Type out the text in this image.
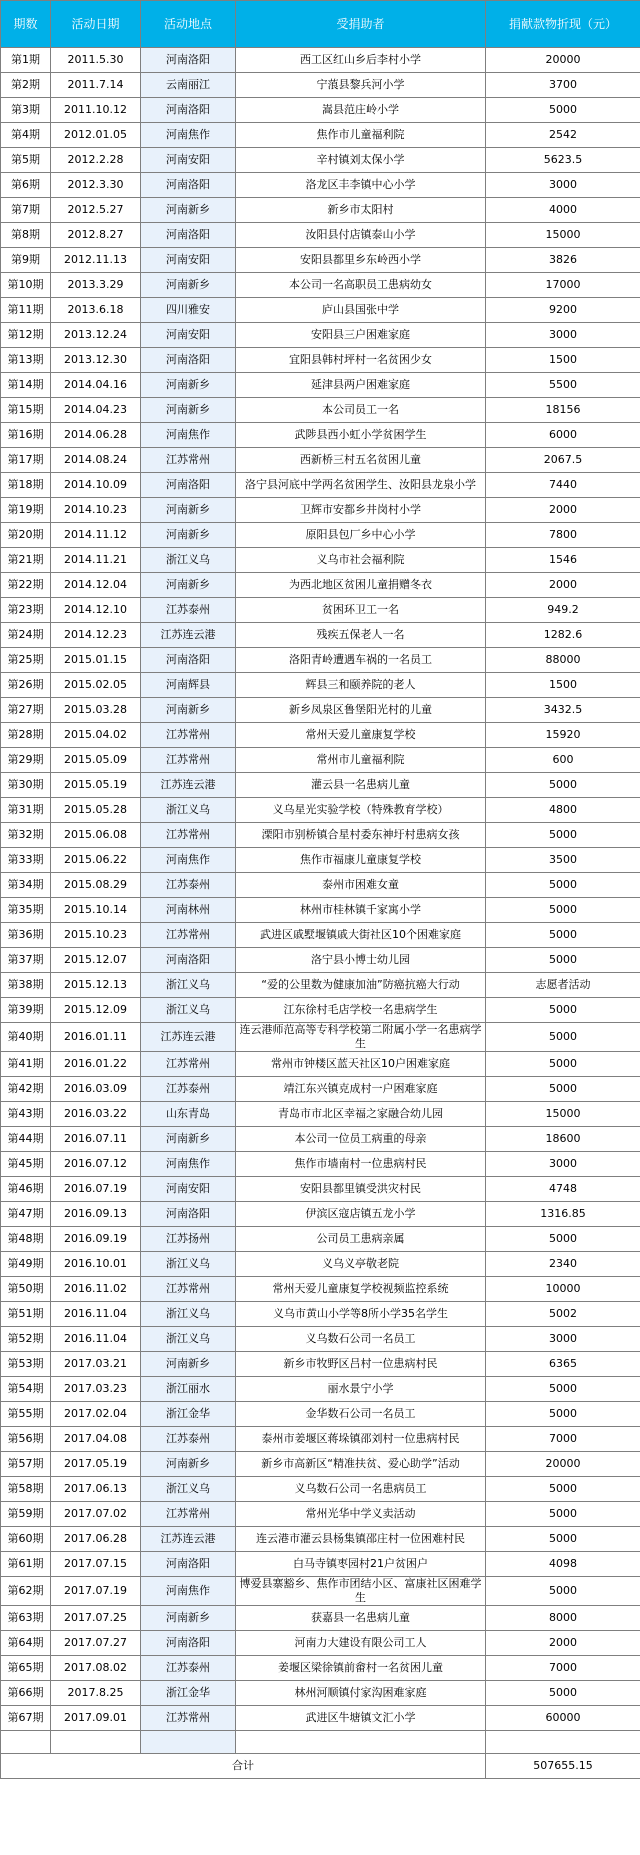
期数	活动日期	活动地点	受捐助者	捐献款物折现（元）
第1期	2011.5.30	河南洛阳	西工区红山乡后李村小学	20000
第2期	2011.7.14	云南丽江	宁蒗县黎兵河小学	3700
第3期	2011.10.12	河南洛阳	嵩县范庄岭小学	5000
第4期	2012.01.05	河南焦作	焦作市儿童福利院	2542
第5期	2012.2.28	河南安阳	辛村镇刘太保小学	5623.5
第6期	2012.3.30	河南洛阳	洛龙区丰李镇中心小学	3000
第7期	2012.5.27	河南新乡	新乡市太阳村	4000
第8期	2012.8.27	河南洛阳	汝阳县付店镇泰山小学	15000
第9期	2012.11.13	河南安阳	安阳县都里乡东岭西小学	3826
第10期	2013.3.29	河南新乡	本公司一名高职员工患病幼女	17000
第11期	2013.6.18	四川雅安	庐山县国张中学	9200
第12期	2013.12.24	河南安阳	安阳县三户困难家庭	3000
第13期	2013.12.30	河南洛阳	宜阳县韩村坪村一名贫困少女	1500
第14期	2014.04.16	河南新乡	延津县两户困难家庭	5500
第15期	2014.04.23	河南新乡	本公司员工一名	18156
第16期	2014.06.28	河南焦作	武陟县西小虹小学贫困学生	6000
第17期	2014.08.24	江苏常州	西新桥三村五名贫困儿童	2067.5
第18期	2014.10.09	河南洛阳	洛宁县河底中学两名贫困学生、汝阳县龙泉小学	7440
第19期	2014.10.23	河南新乡	卫辉市安都乡井岗村小学	2000
第20期	2014.11.12	河南新乡	原阳县包厂乡中心小学	7800
第21期	2014.11.21	浙江义乌	义乌市社会福利院	1546
第22期	2014.12.04	河南新乡	为西北地区贫困儿童捐赠冬衣	2000
第23期	2014.12.10	江苏泰州	贫困环卫工一名	949.2
第24期	2014.12.23	江苏连云港	残疾五保老人一名	1282.6
第25期	2015.01.15	河南洛阳	洛阳青岭遭遇车祸的一名员工	88000
第26期	2015.02.05	河南辉县	辉县三和颐养院的老人	1500
第27期	2015.03.28	河南新乡	新乡凤泉区鲁堡阳光村的儿童	3432.5
第28期	2015.04.02	江苏常州	常州天爱儿童康复学校	15920
第29期	2015.05.09	江苏常州	常州市儿童福利院	600
第30期	2015.05.19	江苏连云港	灌云县一名患病儿童	5000
第31期	2015.05.28	浙江义乌	义乌星光实验学校（特殊教育学校）	4800
第32期	2015.06.08	江苏常州	溧阳市别桥镇合星村委东神圩村患病女孩	5000
第33期	2015.06.22	河南焦作	焦作市福康儿童康复学校	3500
第34期	2015.08.29	江苏泰州	泰州市困难女童	5000
第35期	2015.10.14	河南林州	林州市桂林镇千家寓小学	5000
第36期	2015.10.23	江苏常州	武进区戚墅堰镇戚大街社区10个困难家庭	5000
第37期	2015.12.07	河南洛阳	洛宁县小博士幼儿园	5000
第38期	2015.12.13	浙江义乌	“爱的公里数为健康加油”防癌抗癌大行动	志愿者活动
第39期	2015.12.09	浙江义乌	江东徐村毛店学校一名患病学生	5000
第40期	2016.01.11	江苏连云港	连云港师范高等专科学校第二附属小学一名患病学生	5000
第41期	2016.01.22	江苏常州	常州市钟楼区蓝天社区10户困难家庭	5000
第42期	2016.03.09	江苏泰州	靖江东兴镇克成村一户困难家庭	5000
第43期	2016.03.22	山东青岛	青岛市市北区幸福之家融合幼儿园	15000
第44期	2016.07.11	河南新乡	本公司一位员工病重的母亲	18600
第45期	2016.07.12	河南焦作	焦作市墙南村一位患病村民	3000
第46期	2016.07.19	河南安阳	安阳县都里镇受洪灾村民	4748
第47期	2016.09.13	河南洛阳	伊滨区寇店镇五龙小学	1316.85
第48期	2016.09.19	江苏扬州	公司员工患病亲属	5000
第49期	2016.10.01	浙江义乌	义乌义亭敬老院	2340
第50期	2016.11.02	江苏常州	常州天爱儿童康复学校视频监控系统	10000
第51期	2016.11.04	浙江义乌	义乌市黄山小学等8所小学35名学生	5002
第52期	2016.11.04	浙江义乌	义乌数石公司一名员工	3000
第53期	2017.03.21	河南新乡	新乡市牧野区吕村一位患病村民	6365
第54期	2017.03.23	浙江丽水	丽水景宁小学	5000
第55期	2017.02.04	浙江金华	金华数石公司一名员工	5000
第56期	2017.04.08	江苏泰州	泰州市姜堰区蒋垛镇邵刘村一位患病村民	7000
第57期	2017.05.19	河南新乡	新乡市高新区“精准扶贫、爱心助学”活动	20000
第58期	2017.06.13	浙江义乌	义乌数石公司一名患病员工	5000
第59期	2017.07.02	江苏常州	常州光华中学义卖活动	5000
第60期	2017.06.28	江苏连云港	连云港市灌云县杨集镇邵庄村一位困难村民	5000
第61期	2017.07.15	河南洛阳	白马寺镇枣园村21户贫困户	4098
第62期	2017.07.19	河南焦作	博爱县寨豁乡、焦作市团结小区、富康社区困难学生	5000
第63期	2017.07.25	河南新乡	获嘉县一名患病儿童	8000
第64期	2017.07.27	河南洛阳	河南力大建设有限公司工人	2000
第65期	2017.08.02	江苏泰州	姜堰区梁徐镇前畲村一名贫困儿童	7000
第66期	2017.8.25	浙江金华	林州河顺镇付家沟困难家庭	5000
第67期	2017.09.01	江苏常州	武进区牛塘镇文汇小学	60000

合计				507655.15
